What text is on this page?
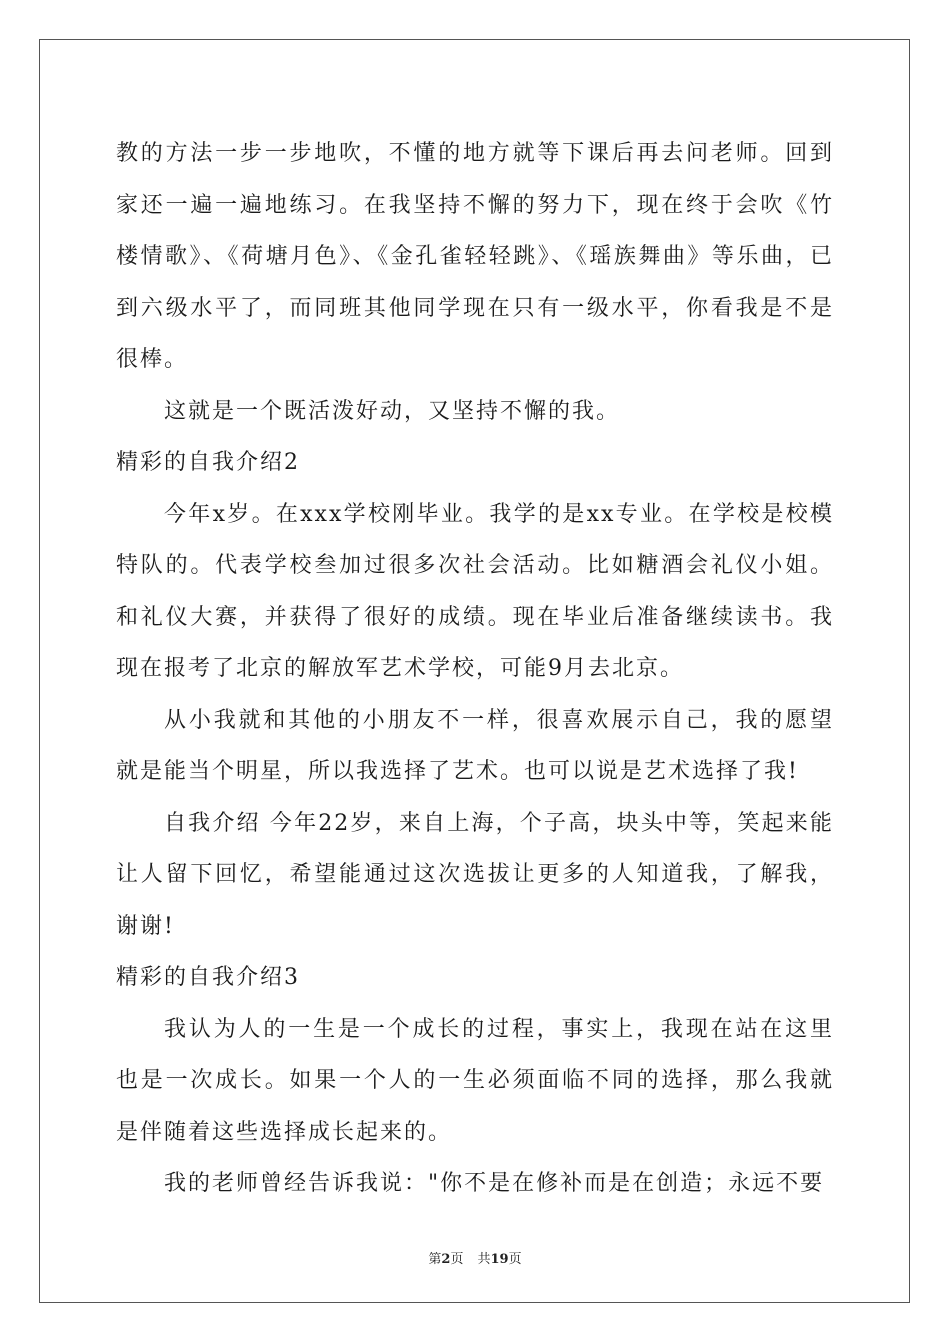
教的方法一步一步地吹，不懂的地方就等下课后再去问老师。回到家还一遍一遍地练习。在我坚持不懈的努力下，现在终于会吹《竹楼情歌》、《荷塘月色》、《金孔雀轻轻跳》、《瑶族舞曲》等乐曲，已到六级水平了，而同班其他同学现在只有一级水平，你看我是不是很棒。

这就是一个既活泼好动，又坚持不懈的我。

精彩的自我介绍2

今年x岁。在xxx学校刚毕业。我学的是xx专业。在学校是校模特队的。代表学校叁加过很多次社会活动。比如糖酒会礼仪小姐。和礼仪大赛，并获得了很好的成绩。现在毕业后准备继续读书。我现在报考了北京的解放军艺术学校，可能9月去北京。

从小我就和其他的小朋友不一样，很喜欢展示自己，我的愿望就是能当个明星，所以我选择了艺术。也可以说是艺术选择了我!

自我介绍 今年22岁，来自上海，个子高，块头中等，笑起来能让人留下回忆，希望能通过这次选拔让更多的人知道我，了解我，谢谢!

精彩的自我介绍3

我认为人的一生是一个成长的过程，事实上，我现在站在这里也是一次成长。如果一个人的一生必须面临不同的选择，那么我就是伴随着这些选择成长起来的。

我的老师曾经告诉我说："你不是在修补而是在创造；永远不要

第2页 共19页
